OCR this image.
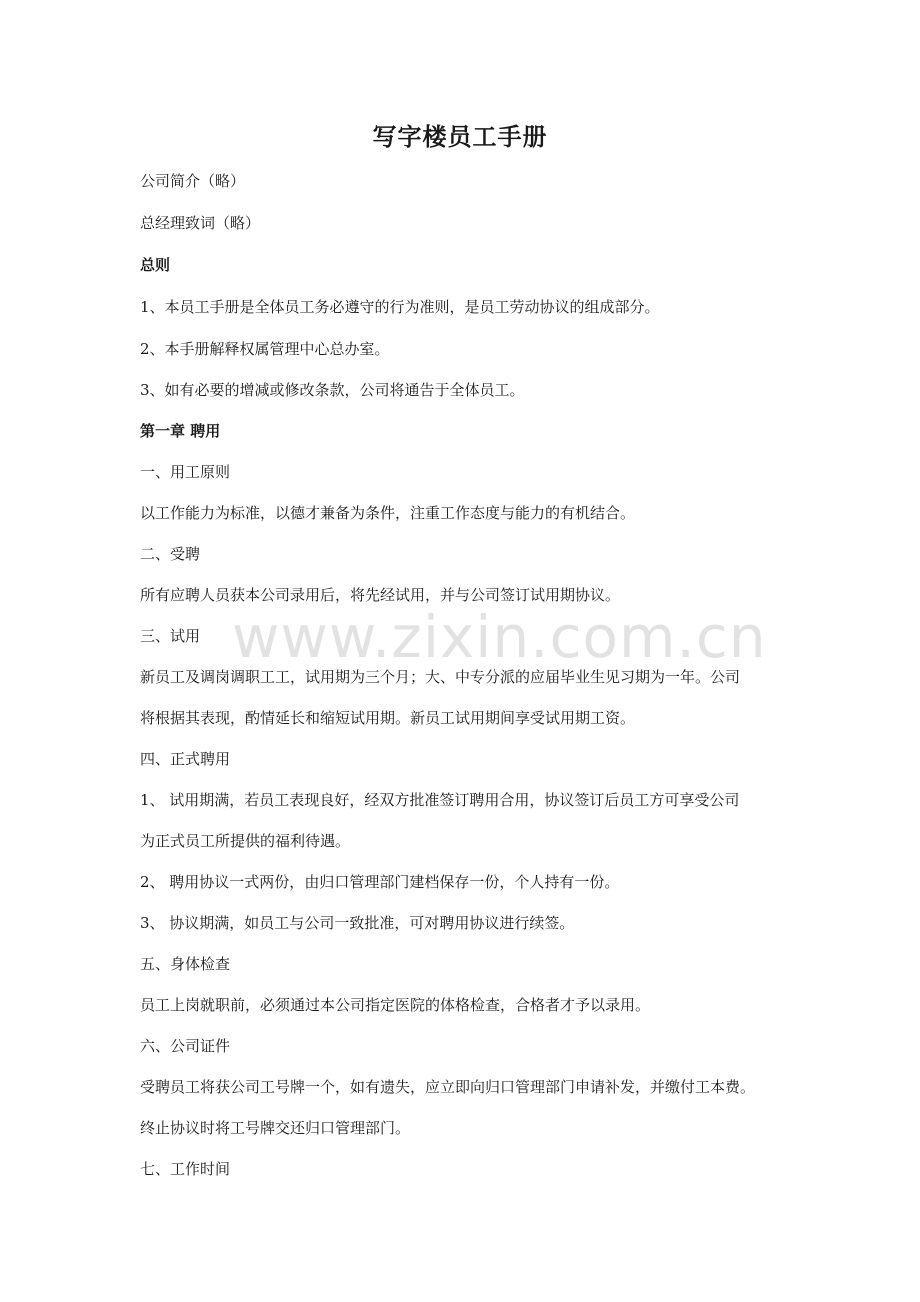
写字楼员工手册
公司简介（略）
总经理致词（略）
总则
1、本员工手册是全体员工务必遵守的行为准则，是员工劳动协议的组成部分。
2、本手册解释权属管理中心总办室。
3、如有必要的增减或修改条款，公司将通告于全体员工。
第一章 聘用
一、用工原则
以工作能力为标准，以德才兼备为条件，注重工作态度与能力的有机结合。
二、受聘
所有应聘人员获本公司录用后，将先经试用，并与公司签订试用期协议。
三、试用
新员工及调岗调职工工，试用期为三个月；大、中专分派的应届毕业生见习期为一年。公司
将根据其表现，酌情延长和缩短试用期。新员工试用期间享受试用期工资。
四、正式聘用
1、 试用期满，若员工表现良好，经双方批准签订聘用合用，协议签订后员工方可享受公司
为正式员工所提供的福利待遇。
2、 聘用协议一式两份，由归口管理部门建档保存一份，个人持有一份。
3、 协议期满，如员工与公司一致批准，可对聘用协议进行续签。
五、身体检查
员工上岗就职前，必须通过本公司指定医院的体格检查，合格者才予以录用。
六、公司证件
受聘员工将获公司工号牌一个，如有遗失，应立即向归口管理部门申请补发，并缴付工本费。
终止协议时将工号牌交还归口管理部门。
七、工作时间
www.zixin.com.cn
